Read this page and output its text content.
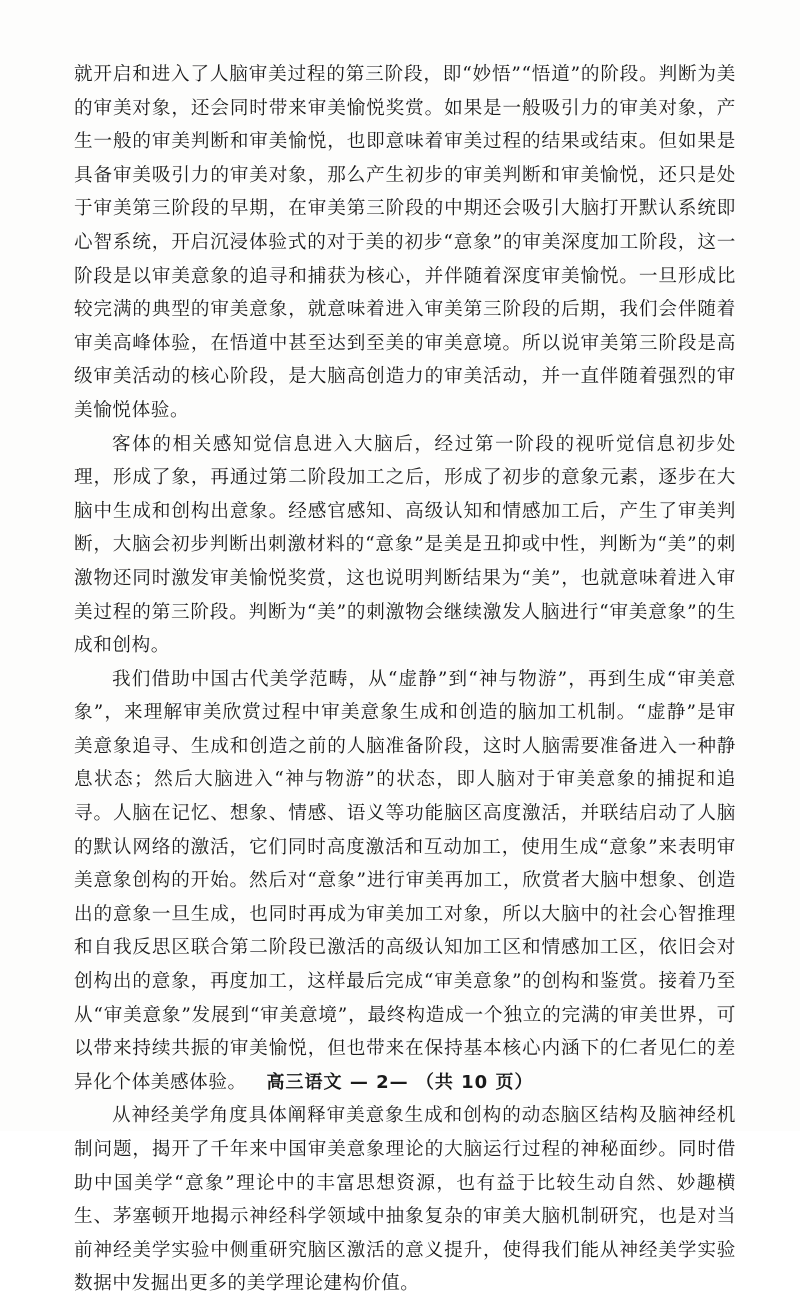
就开启和进入了人脑审美过程的第三阶段，即“妙悟”“悟道”的阶段。判断为美的审美对象，还会同时带来审美愉悦奖赏。如果是一般吸引力的审美对象，产生一般的审美判断和审美愉悦，也即意味着审美过程的结果或结束。但如果是具备审美吸引力的审美对象，那么产生初步的审美判断和审美愉悦，还只是处于审美第三阶段的早期，在审美第三阶段的中期还会吸引大脑打开默认系统即心智系统，开启沉浸体验式的对于美的初步“意象”的审美深度加工阶段，这一阶段是以审美意象的追寻和捕获为核心，并伴随着深度审美愉悦。一旦形成比较完满的典型的审美意象，就意味着进入审美第三阶段的后期，我们会伴随着审美高峰体验，在悟道中甚至达到至美的审美意境。所以说审美第三阶段是高级审美活动的核心阶段，是大脑高创造力的审美活动，并一直伴随着强烈的审美愉悦体验。

客体的相关感知觉信息进入大脑后，经过第一阶段的视听觉信息初步处理，形成了象，再通过第二阶段加工之后，形成了初步的意象元素，逐步在大脑中生成和创构出意象。经感官感知、高级认知和情感加工后，产生了审美判断，大脑会初步判断出刺激材料的“意象”是美是丑抑或中性，判断为“美”的刺激物还同时激发审美愉悦奖赏，这也说明判断结果为“美”，也就意味着进入审美过程的第三阶段。判断为“美”的刺激物会继续激发人脑进行“审美意象”的生成和创构。

我们借助中国古代美学范畴，从“虚静”到“神与物游”，再到生成“审美意象”，来理解审美欣赏过程中审美意象生成和创造的脑加工机制。“虚静”是审美意象追寻、生成和创造之前的人脑准备阶段，这时人脑需要准备进入一种静息状态；然后大脑进入“神与物游”的状态，即人脑对于审美意象的捕捉和追寻。人脑在记忆、想象、情感、语义等功能脑区高度激活，并联结启动了人脑的默认网络的激活，它们同时高度激活和互动加工，使用生成“意象”来表明审美意象创构的开始。然后对“意象”进行审美再加工，欣赏者大脑中想象、创造出的意象一旦生成，也同时再成为审美加工对象，所以大脑中的社会心智推理和自我反思区联合第二阶段已激活的高级认知加工区和情感加工区，依旧会对创构出的意象，再度加工，这样最后完成“审美意象”的创构和鉴赏。接着乃至从“审美意象”发展到“审美意境”，最终构造成一个独立的完满的审美世界，可以带来持续共振的审美愉悦，但也带来在保持基本核心内涵下的仁者见仁的差异化个体美感体验。

从神经美学角度具体阐释审美意象生成和创构的动态脑区结构及脑神经机制问题，揭开了千年来中国审美意象理论的大脑运行过程的神秘面纱。同时借助中国美学“意象”理论中的丰富思想资源，也有益于比较生动自然、妙趣横生、茅塞顿开地揭示神经科学领域中抽象复杂的审美大脑机制研究，也是对当前神经美学实验中侧重研究脑区激活的意义提升，使得我们能从神经美学实验数据中发掘出更多的美学理论建构价值。

高三语文 — 2— （共 10 页）
